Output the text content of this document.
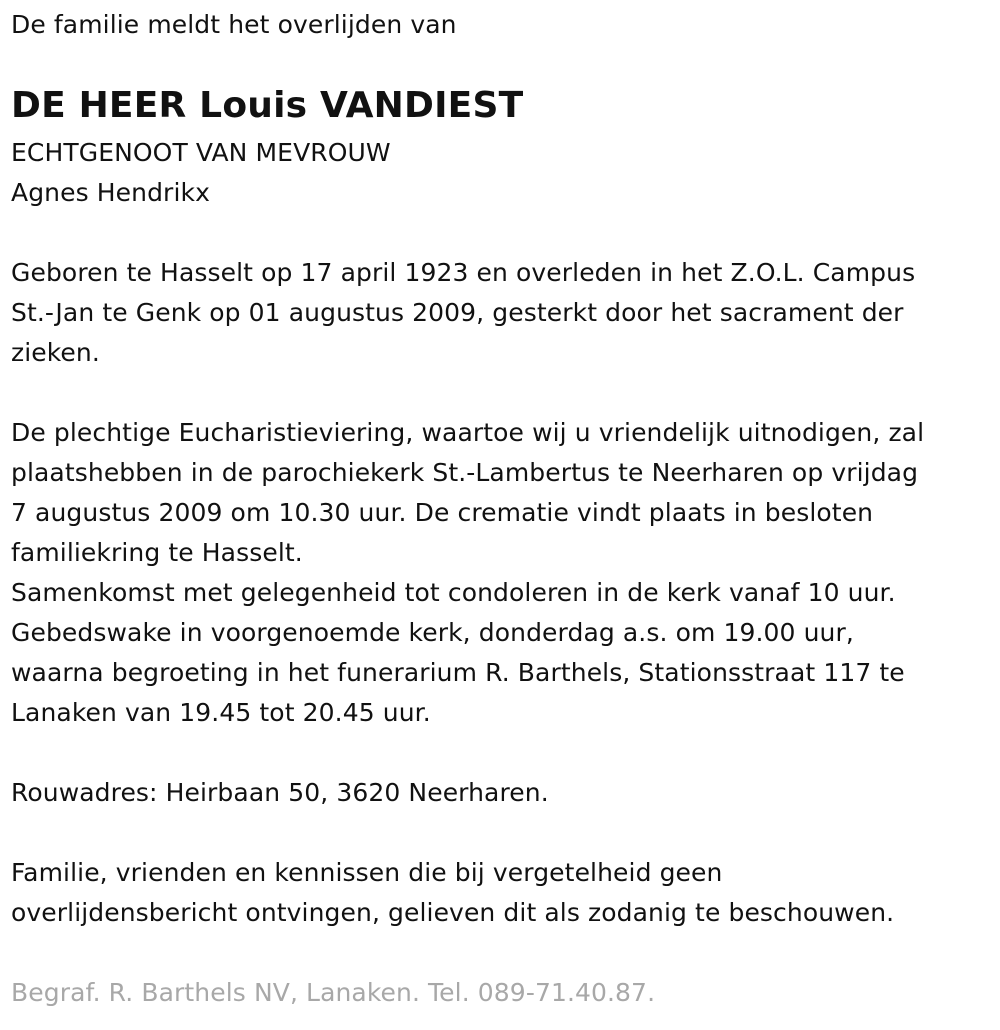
De familie meldt het overlijden van
DE HEER Louis VANDIEST
ECHTGENOOT VAN MEVROUW
Agnes Hendrikx
Geboren te Hasselt op 17 april 1923 en overleden in het Z.O.L. Campus
St.-Jan te Genk op 01 augustus 2009, gesterkt door het sacrament der
zieken.
De plechtige Eucharistieviering, waartoe wij u vriendelijk uitnodigen, zal
plaatshebben in de parochiekerk St.-Lambertus te Neerharen op vrijdag
7 augustus 2009 om 10.30 uur. De crematie vindt plaats in besloten
familiekring te Hasselt.
Samenkomst met gelegenheid tot condoleren in de kerk vanaf 10 uur.
Gebedswake in voorgenoemde kerk, donderdag a.s. om 19.00 uur,
waarna begroeting in het funerarium R. Barthels, Stationsstraat 117 te
Lanaken van 19.45 tot 20.45 uur.
Rouwadres: Heirbaan 50, 3620 Neerharen.
Familie, vrienden en kennissen die bij vergetelheid geen
overlijdensbericht ontvingen, gelieven dit als zodanig te beschouwen.
Begraf. R. Barthels NV, Lanaken. Tel. 089-71.40.87.
